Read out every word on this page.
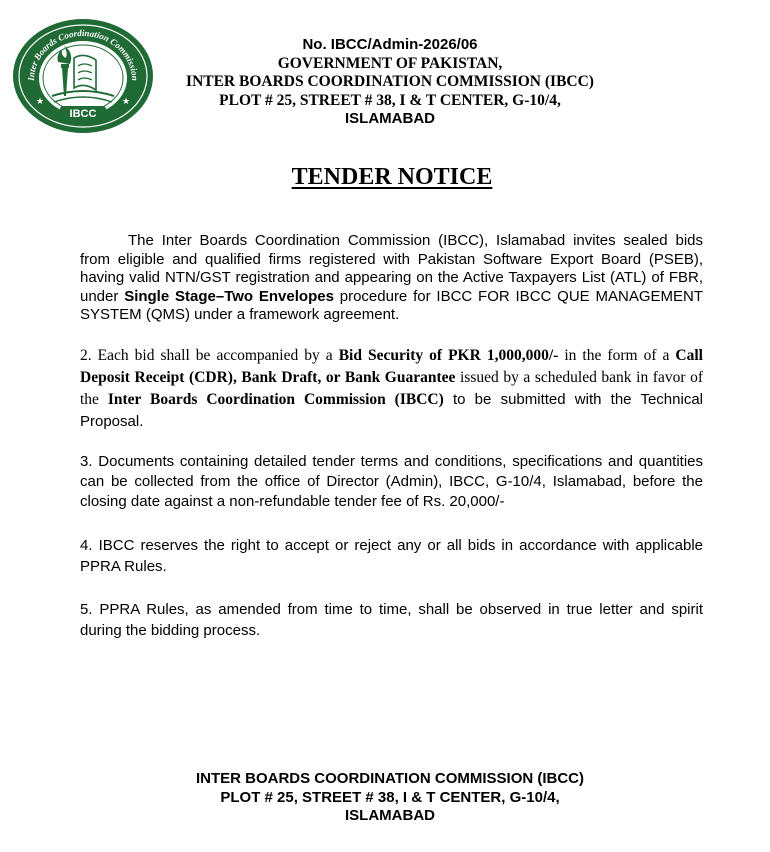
Inter Boards Coordination Commission
IBCC
★	★
No. IBCC/Admin-2026/06
GOVERNMENT OF PAKISTAN,
INTER BOARDS COORDINATION COMMISSION (IBCC)
PLOT # 25, STREET # 38, I & T CENTER, G-10/4,
ISLAMABAD
TENDER NOTICE
The Inter Boards Coordination Commission (IBCC), Islamabad invites sealed bids from eligible and qualified firms registered with Pakistan Software Export Board (PSEB), having valid NTN/GST registration and appearing on the Active Taxpayers List (ATL) of FBR, under Single Stage–Two Envelopes procedure for IBCC FOR IBCC QUE MANAGEMENT SYSTEM (QMS) under a framework agreement.
2. Each bid shall be accompanied by a Bid Security of PKR 1,000,000/- in the form of a Call Deposit Receipt (CDR), Bank Draft, or Bank Guarantee issued by a scheduled bank in favor of the Inter Boards Coordination Commission (IBCC) to be submitted with the Technical Proposal.
3. Documents containing detailed tender terms and conditions, specifications and quantities can be collected from the office of Director (Admin), IBCC, G-10/4, Islamabad, before the closing date against a non-refundable tender fee of Rs. 20,000/-
4. IBCC reserves the right to accept or reject any or all bids in accordance with applicable PPRA Rules.
5. PPRA Rules, as amended from time to time, shall be observed in true letter and spirit during the bidding process.
INTER BOARDS COORDINATION COMMISSION (IBCC)
PLOT # 25, STREET # 38, I & T CENTER, G-10/4,
ISLAMABAD
